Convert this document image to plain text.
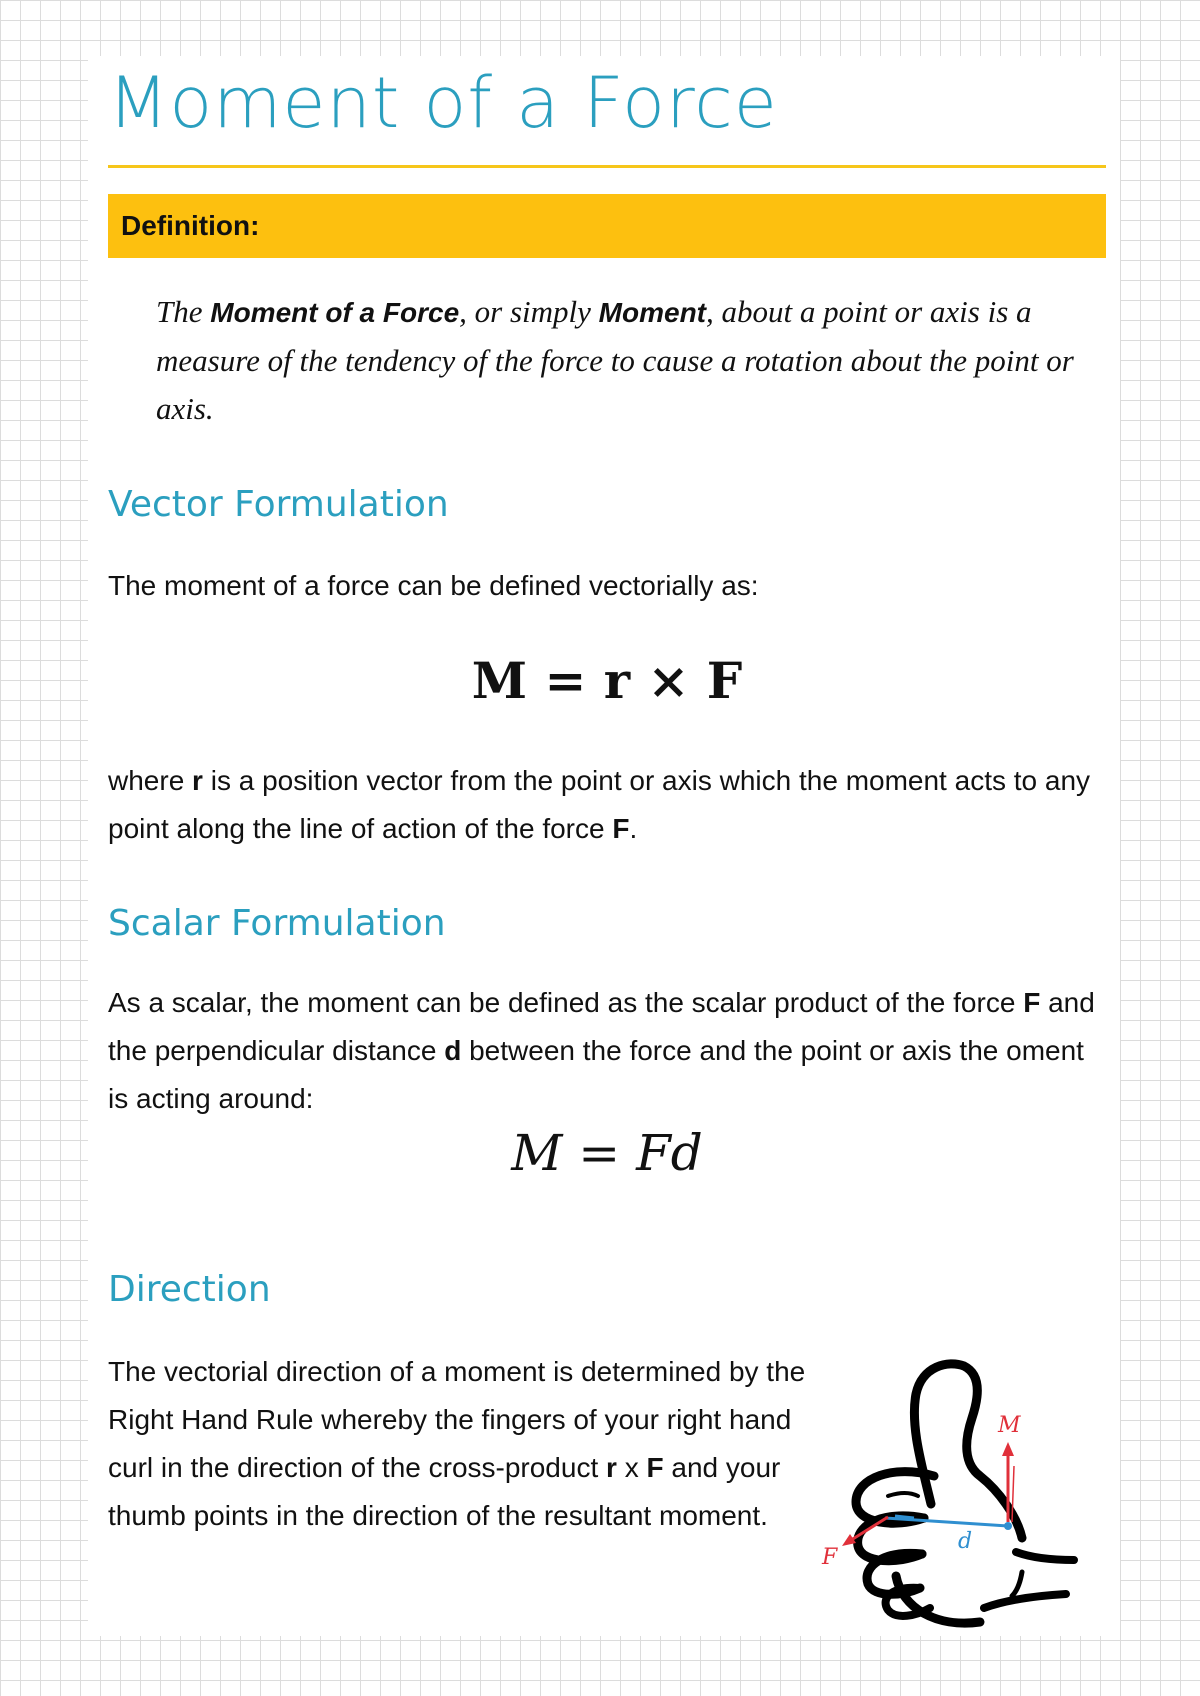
Moment of a Force
Definition:

The Moment of a Force, or simply Moment, about a point or axis is a measure of the tendency of the force to cause a rotation about the point or axis.

Vector Formulation

The moment of a force can be defined vectorially as:

M = r × F

where r is a position vector from the point or axis which the moment acts to any point along the line of action of the force F.

Scalar Formulation

As a scalar, the moment can be defined as the scalar product of the force F and the perpendicular distance d between the force and the point or axis the oment is acting around:

M = Fd
Direction

The vectorial direction of a moment is determined by the Right Hand Rule whereby the fingers of your right hand curl in the direction of the cross-product r x F and your thumb points in the direction of the resultant moment.

M
F
d
